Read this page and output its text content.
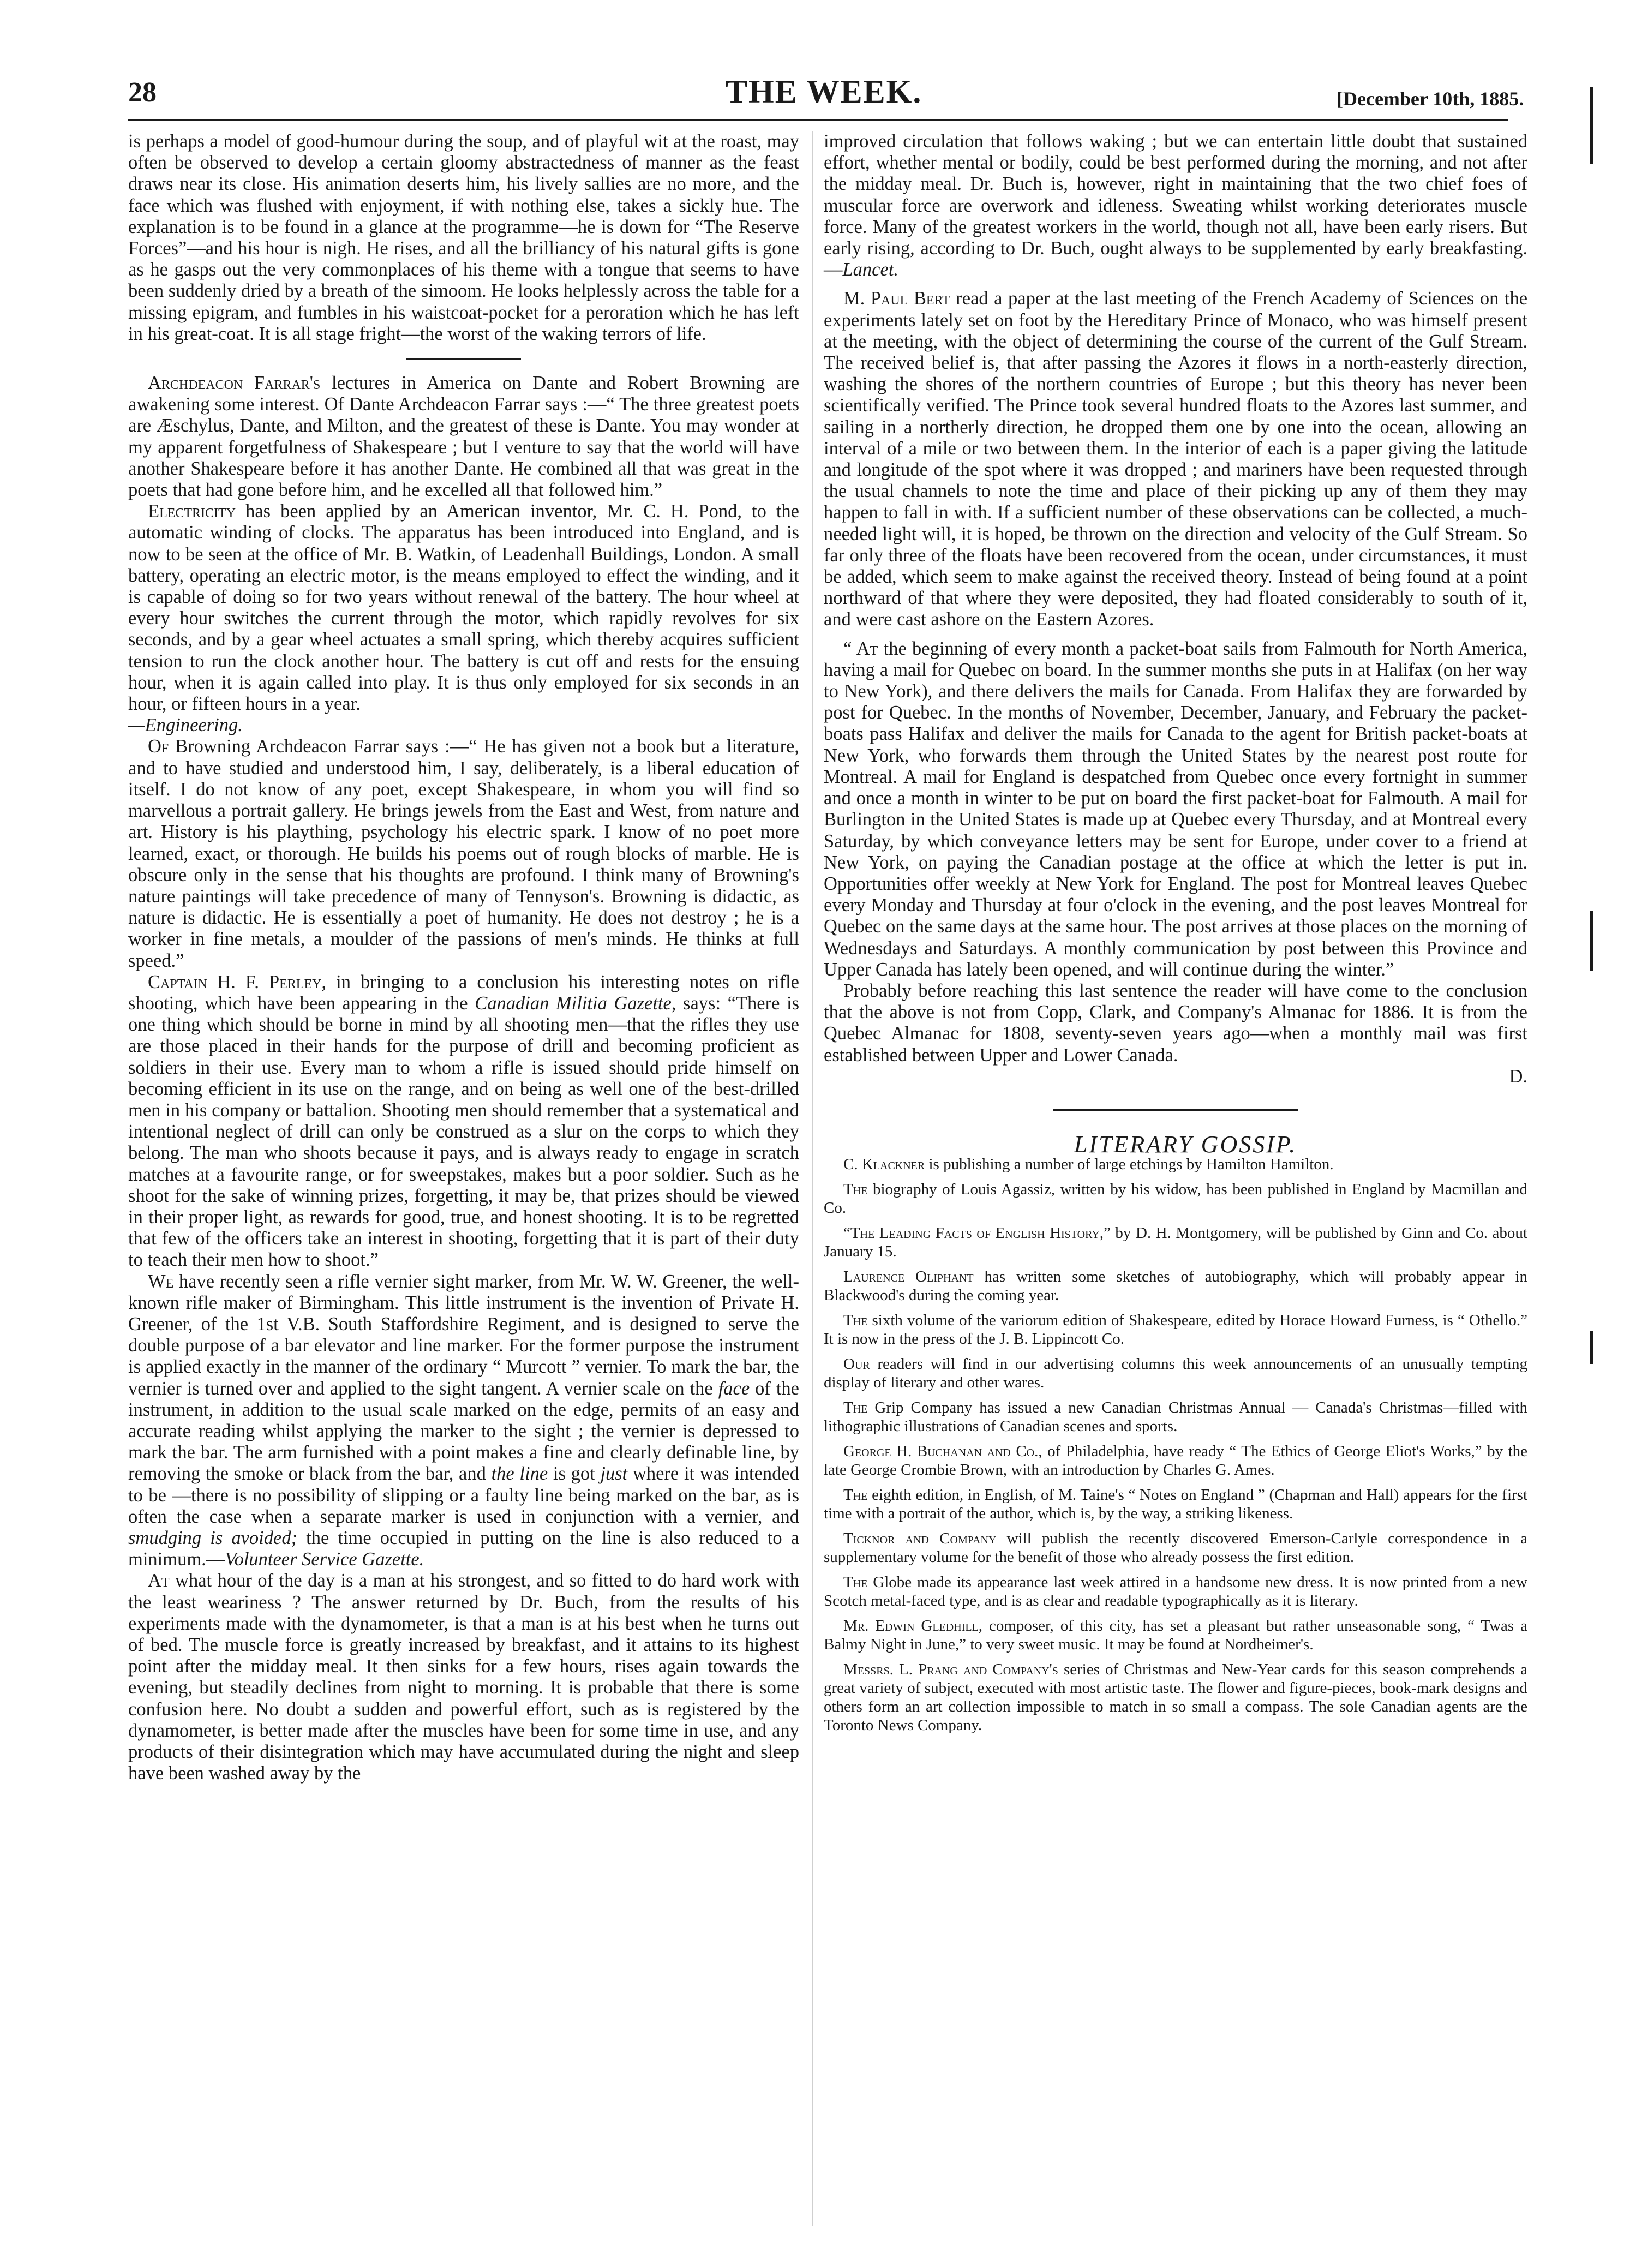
28	THE WEEK.	[December 10th, 1885.

is perhaps a model of good-humour during the soup, and of playful wit at the roast, may often be observed to develop a certain gloomy abstractedness of manner as the feast draws near its close. His animation deserts him, his lively sallies are no more, and the face which was flushed with enjoyment, if with nothing else, takes a sickly hue. The explanation is to be found in a glance at the programme—he is down for “The Reserve Forces”—and his hour is nigh. He rises, and all the brilliancy of his natural gifts is gone as he gasps out the very commonplaces of his theme with a tongue that seems to have been suddenly dried by a breath of the simoom. He looks helplessly across the table for a missing epigram, and fumbles in his waistcoat-pocket for a peroration which he has left in his great-coat. It is all stage fright—the worst of the waking terrors of life.

Archdeacon Farrar's lectures in America on Dante and Robert Browning are awakening some interest. Of Dante Archdeacon Farrar says :—“ The three greatest poets are Æschylus, Dante, and Milton, and the greatest of these is Dante. You may wonder at my apparent forgetfulness of Shakespeare ; but I venture to say that the world will have another Shakespeare before it has another Dante. He combined all that was great in the poets that had gone before him, and he excelled all that followed him.”

Electricity has been applied by an American inventor, Mr. C. H. Pond, to the automatic winding of clocks. The apparatus has been introduced into England, and is now to be seen at the office of Mr. B. Watkin, of Leadenhall Buildings, London. A small battery, operating an electric motor, is the means employed to effect the winding, and it is capable of doing so for two years without renewal of the battery. The hour wheel at every hour switches the current through the motor, which rapidly revolves for six seconds, and by a gear wheel actuates a small spring, which thereby acquires sufficient tension to run the clock another hour. The battery is cut off and rests for the ensuing hour, when it is again called into play. It is thus only employed for six seconds in an hour, or fifteen hours in a year.

—Engineering.

Of Browning Archdeacon Farrar says :—“ He has given not a book but a literature, and to have studied and understood him, I say, deliberately, is a liberal education of itself. I do not know of any poet, except Shakespeare, in whom you will find so marvellous a portrait gallery. He brings jewels from the East and West, from nature and art. History is his plaything, psychology his electric spark. I know of no poet more learned, exact, or thorough. He builds his poems out of rough blocks of marble. He is obscure only in the sense that his thoughts are profound. I think many of Browning's nature paintings will take precedence of many of Tennyson's. Browning is didactic, as nature is didactic. He is essentially a poet of humanity. He does not destroy ; he is a worker in fine metals, a moulder of the passions of men's minds. He thinks at full speed.”

Captain H. F. Perley, in bringing to a conclusion his interesting notes on rifle shooting, which have been appearing in the Canadian Militia Gazette, says: “There is one thing which should be borne in mind by all shooting men—that the rifles they use are those placed in their hands for the purpose of drill and becoming proficient as soldiers in their use. Every man to whom a rifle is issued should pride himself on becoming efficient in its use on the range, and on being as well one of the best-drilled men in his company or battalion. Shooting men should remember that a systematical and intentional neglect of drill can only be construed as a slur on the corps to which they belong. The man who shoots because it pays, and is always ready to engage in scratch matches at a favourite range, or for sweepstakes, makes but a poor soldier. Such as he shoot for the sake of winning prizes, forgetting, it may be, that prizes should be viewed in their proper light, as rewards for good, true, and honest shooting. It is to be regretted that few of the officers take an interest in shooting, forgetting that it is part of their duty to teach their men how to shoot.”

We have recently seen a rifle vernier sight marker, from Mr. W. W. Greener, the well-known rifle maker of Birmingham. This little instrument is the invention of Private H. Greener, of the 1st V.B. South Staffordshire Regiment, and is designed to serve the double purpose of a bar elevator and line marker. For the former purpose the instrument is applied exactly in the manner of the ordinary “ Murcott ” vernier. To mark the bar, the vernier is turned over and applied to the sight tangent. A vernier scale on the face of the instrument, in addition to the usual scale marked on the edge, permits of an easy and accurate reading whilst applying the marker to the sight ; the vernier is depressed to mark the bar. The arm furnished with a point makes a fine and clearly definable line, by removing the smoke or black from the bar, and the line is got just where it was intended to be —there is no possibility of slipping or a faulty line being marked on the bar, as is often the case when a separate marker is used in conjunction with a vernier, and smudging is avoided; the time occupied in putting on the line is also reduced to a minimum.—Volunteer Service Gazette.

At what hour of the day is a man at his strongest, and so fitted to do hard work with the least weariness ? The answer returned by Dr. Buch, from the results of his experiments made with the dynamometer, is that a man is at his best when he turns out of bed. The muscle force is greatly increased by breakfast, and it attains to its highest point after the midday meal. It then sinks for a few hours, rises again towards the evening, but steadily declines from night to morning. It is probable that there is some confusion here. No doubt a sudden and powerful effort, such as is registered by the dynamometer, is better made after the muscles have been for some time in use, and any products of their disintegration which may have accumulated during the night and sleep have been washed away by the

improved circulation that follows waking ; but we can entertain little doubt that sustained effort, whether mental or bodily, could be best performed during the morning, and not after the midday meal. Dr. Buch is, however, right in maintaining that the two chief foes of muscular force are overwork and idleness. Sweating whilst working deteriorates muscle force. Many of the greatest workers in the world, though not all, have been early risers. But early rising, according to Dr. Buch, ought always to be supplemented by early breakfasting.—Lancet.

M. Paul Bert read a paper at the last meeting of the French Academy of Sciences on the experiments lately set on foot by the Hereditary Prince of Monaco, who was himself present at the meeting, with the object of determining the course of the current of the Gulf Stream. The received belief is, that after passing the Azores it flows in a north-easterly direction, washing the shores of the northern countries of Europe ; but this theory has never been scientifically verified. The Prince took several hundred floats to the Azores last summer, and sailing in a northerly direction, he dropped them one by one into the ocean, allowing an interval of a mile or two between them. In the interior of each is a paper giving the latitude and longitude of the spot where it was dropped ; and mariners have been requested through the usual channels to note the time and place of their picking up any of them they may happen to fall in with. If a sufficient number of these observations can be collected, a much-needed light will, it is hoped, be thrown on the direction and velocity of the Gulf Stream. So far only three of the floats have been recovered from the ocean, under circumstances, it must be added, which seem to make against the received theory. Instead of being found at a point northward of that where they were deposited, they had floated considerably to south of it, and were cast ashore on the Eastern Azores.

“ At the beginning of every month a packet-boat sails from Falmouth for North America, having a mail for Quebec on board. In the summer months she puts in at Halifax (on her way to New York), and there delivers the mails for Canada. From Halifax they are forwarded by post for Quebec. In the months of November, December, January, and February the packet-boats pass Halifax and deliver the mails for Canada to the agent for British packet-boats at New York, who forwards them through the United States by the nearest post route for Montreal. A mail for England is despatched from Quebec once every fortnight in summer and once a month in winter to be put on board the first packet-boat for Falmouth. A mail for Burlington in the United States is made up at Quebec every Thursday, and at Montreal every Saturday, by which conveyance letters may be sent for Europe, under cover to a friend at New York, on paying the Canadian postage at the office at which the letter is put in. Opportunities offer weekly at New York for England. The post for Montreal leaves Quebec every Monday and Thursday at four o'clock in the evening, and the post leaves Montreal for Quebec on the same days at the same hour. The post arrives at those places on the morning of Wednesdays and Saturdays. A monthly communication by post between this Province and Upper Canada has lately been opened, and will continue during the winter.”

Probably before reaching this last sentence the reader will have come to the conclusion that the above is not from Copp, Clark, and Company's Almanac for 1886. It is from the Quebec Almanac for 1808, seventy-seven years ago—when a monthly mail was first established between Upper and Lower Canada.

D.

LITERARY GOSSIP.

C. Klackner is publishing a number of large etchings by Hamilton Hamilton.

The biography of Louis Agassiz, written by his widow, has been published in England by Macmillan and Co.

“The Leading Facts of English History,” by D. H. Montgomery, will be published by Ginn and Co. about January 15.

Laurence Oliphant has written some sketches of autobiography, which will probably appear in Blackwood's during the coming year.

The sixth volume of the variorum edition of Shakespeare, edited by Horace Howard Furness, is “ Othello.” It is now in the press of the J. B. Lippincott Co.

Our readers will find in our advertising columns this week announcements of an unusually tempting display of literary and other wares.

The Grip Company has issued a new Canadian Christmas Annual — Canada's Christmas—filled with lithographic illustrations of Canadian scenes and sports.

George H. Buchanan and Co., of Philadelphia, have ready “ The Ethics of George Eliot's Works,” by the late George Crombie Brown, with an introduction by Charles G. Ames.

The eighth edition, in English, of M. Taine's “ Notes on England ” (Chapman and Hall) appears for the first time with a portrait of the author, which is, by the way, a striking likeness.

Ticknor and Company will publish the recently discovered Emerson-Carlyle correspondence in a supplementary volume for the benefit of those who already possess the first edition.

The Globe made its appearance last week attired in a handsome new dress. It is now printed from a new Scotch metal-faced type, and is as clear and readable typographically as it is literary.

Mr. Edwin Gledhill, composer, of this city, has set a pleasant but rather unseasonable song, “ Twas a Balmy Night in June,” to very sweet music. It may be found at Nordheimer's.

Messrs. L. Prang and Company's series of Christmas and New-Year cards for this season comprehends a great variety of subject, executed with most artistic taste. The flower and figure-pieces, book-mark designs and others form an art collection impossible to match in so small a compass. The sole Canadian agents are the Toronto News Company.
